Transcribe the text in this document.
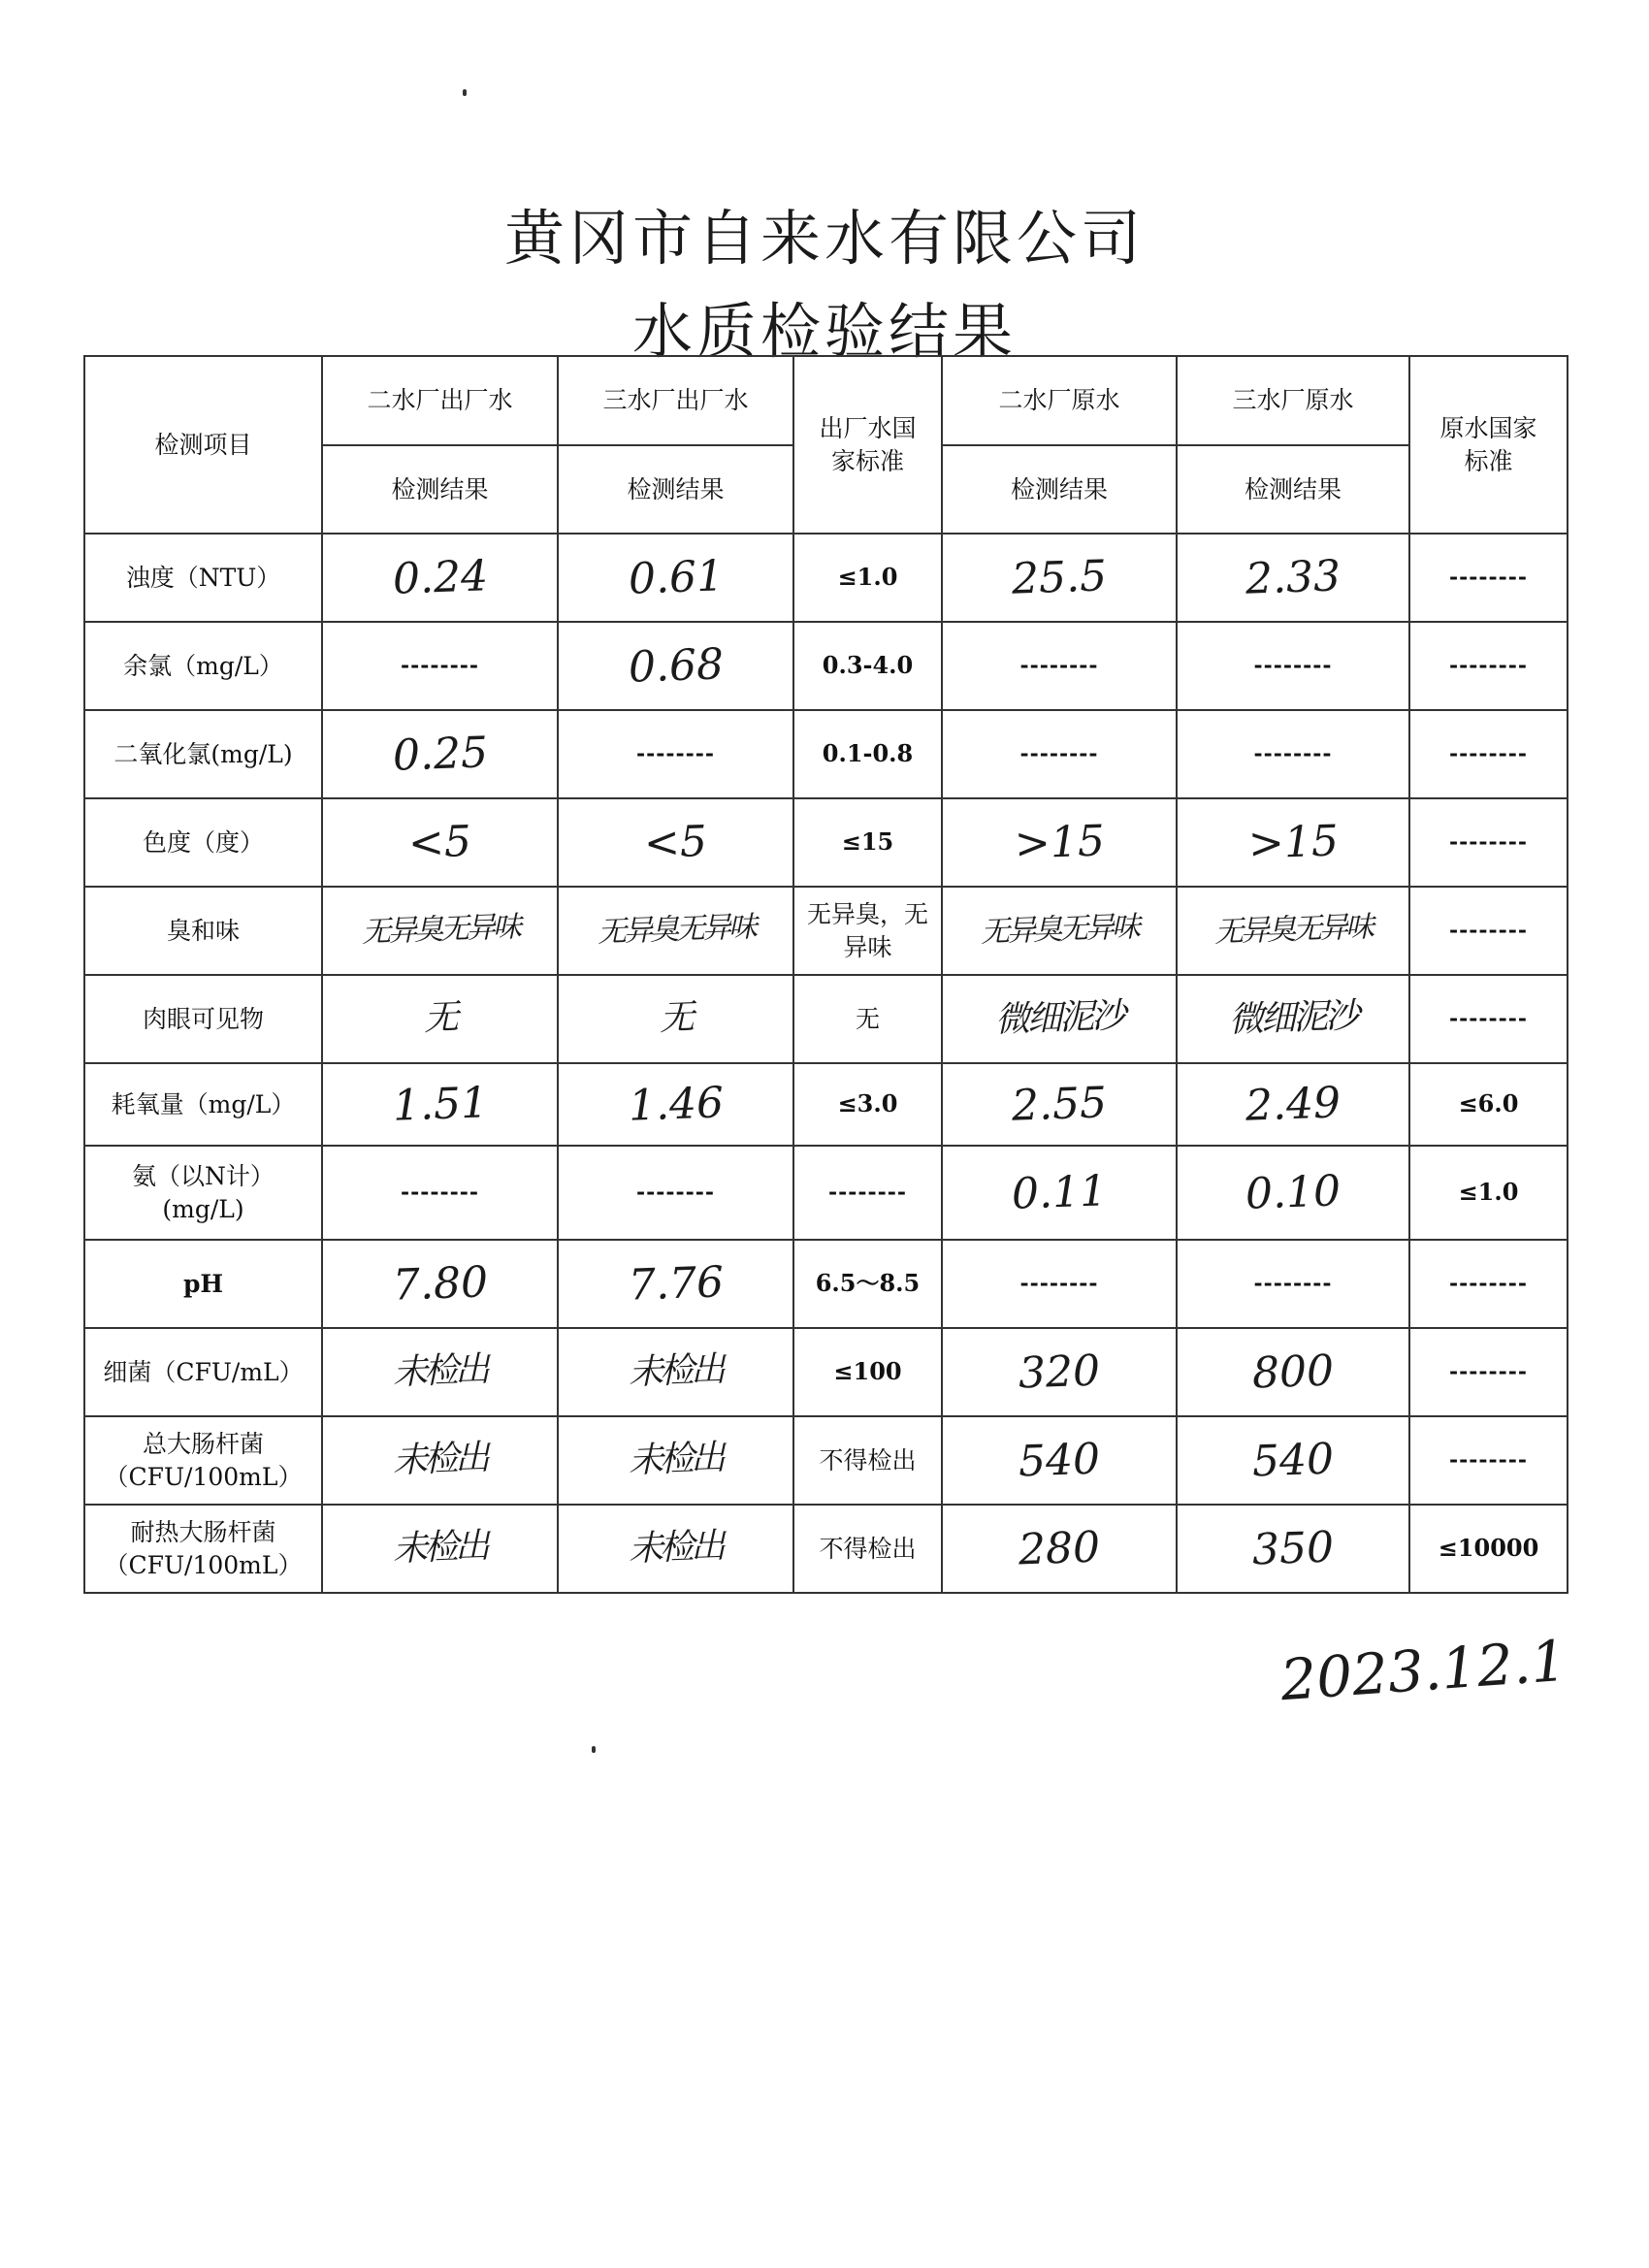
黄冈市自来水有限公司
水质检验结果
检测项目	二水厂出厂水	三水厂出厂水	出厂水国家标准	二水厂原水	三水厂原水	原水国家标准
	检测结果	检测结果		检测结果	检测结果	
浊度（NTU）	0.24	0.61	≤1.0	25.5	2.33	--------
余氯（mg/L）	--------	0.68	0.3-4.0	--------	--------	--------
二氧化氯(mg/L)	0.25	--------	0.1-0.8	--------	--------	--------
色度（度）	<5	<5	≤15	>15	>15	--------
臭和味	无异臭无异味	无异臭无异味	无异臭，无异味	无异臭无异味	无异臭无异味	--------
肉眼可见物	无	无	无	微细泥沙	微细泥沙	--------
耗氧量（mg/L）	1.51	1.46	≤3.0	2.55	2.49	≤6.0
氨（以N计）(mg/L)	--------	--------	--------	0.11	0.10	≤1.0
pH	7.80	7.76	6.5～8.5	--------	--------	--------
细菌（CFU/mL）	未检出	未检出	≤100	320	800	--------
总大肠杆菌（CFU/100mL）	未检出	未检出	不得检出	540	540	--------
耐热大肠杆菌（CFU/100mL）	未检出	未检出	不得检出	280	350	≤10000
2023.12.1
